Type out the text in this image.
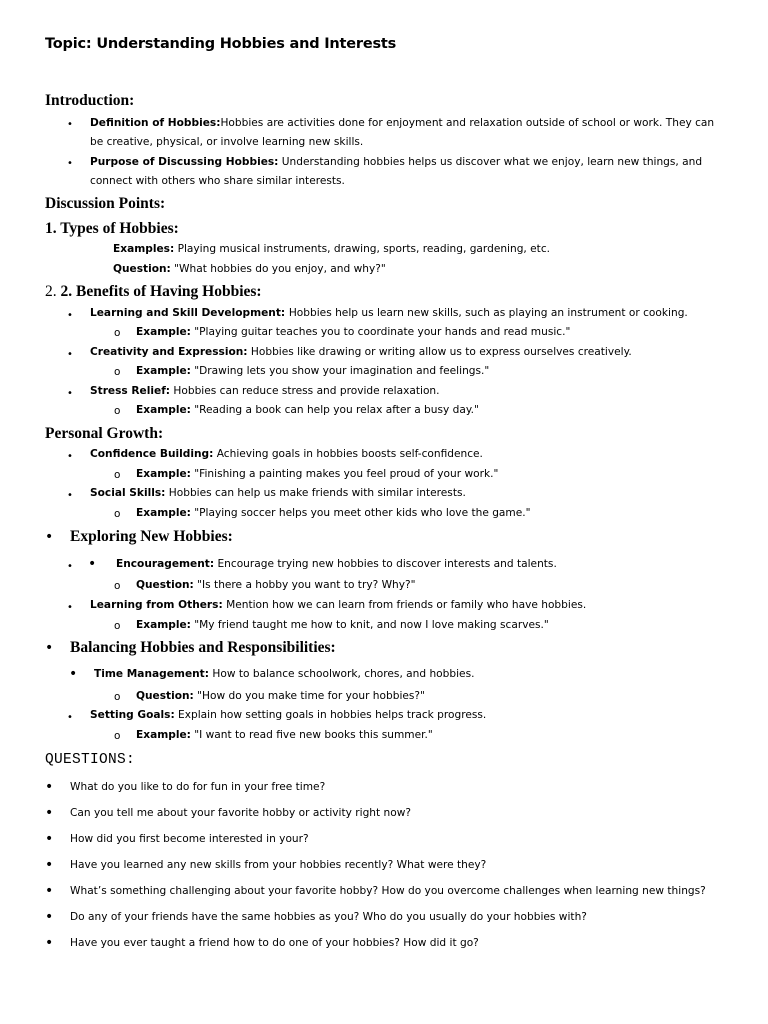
Topic: Understanding Hobbies and Interests
Introduction:
• Definition of Hobbies:Hobbies are activities done for enjoyment and relaxation outside of school or work. They can
be creative, physical, or involve learning new skills.
• Purpose of Discussing Hobbies: Understanding hobbies helps us discover what we enjoy, learn new things, and
connect with others who share similar interests.
Discussion Points:
1. Types of Hobbies:
Examples: Playing musical instruments, drawing, sports, reading, gardening, etc.
Question: "What hobbies do you enjoy, and why?"
2. 2. Benefits of Having Hobbies:
• Learning and Skill Development: Hobbies help us learn new skills, such as playing an instrument or cooking.
o Example: "Playing guitar teaches you to coordinate your hands and read music."
• Creativity and Expression: Hobbies like drawing or writing allow us to express ourselves creatively.
o Example: "Drawing lets you show your imagination and feelings."
• Stress Relief: Hobbies can reduce stress and provide relaxation.
o Example: "Reading a book can help you relax after a busy day."
Personal Growth:
• Confidence Building: Achieving goals in hobbies boosts self-confidence.
o Example: "Finishing a painting makes you feel proud of your work."
• Social Skills: Hobbies can help us make friends with similar interests.
o Example: "Playing soccer helps you meet other kids who love the game."
• Exploring New Hobbies:
• • Encouragement: Encourage trying new hobbies to discover interests and talents.
o Question: "Is there a hobby you want to try? Why?"
• Learning from Others: Mention how we can learn from friends or family who have hobbies.
o Example: "My friend taught me how to knit, and now I love making scarves."
• Balancing Hobbies and Responsibilities:
• Time Management: How to balance schoolwork, chores, and hobbies.
o Question: "How do you make time for your hobbies?"
• Setting Goals: Explain how setting goals in hobbies helps track progress.
o Example: "I want to read five new books this summer."
QUESTIONS:
• What do you like to do for fun in your free time?
• Can you tell me about your favorite hobby or activity right now?
• How did you first become interested in your?
• Have you learned any new skills from your hobbies recently? What were they?
• What’s something challenging about your favorite hobby? How do you overcome challenges when learning new things?
• Do any of your friends have the same hobbies as you? Who do you usually do your hobbies with?
• Have you ever taught a friend how to do one of your hobbies? How did it go?
